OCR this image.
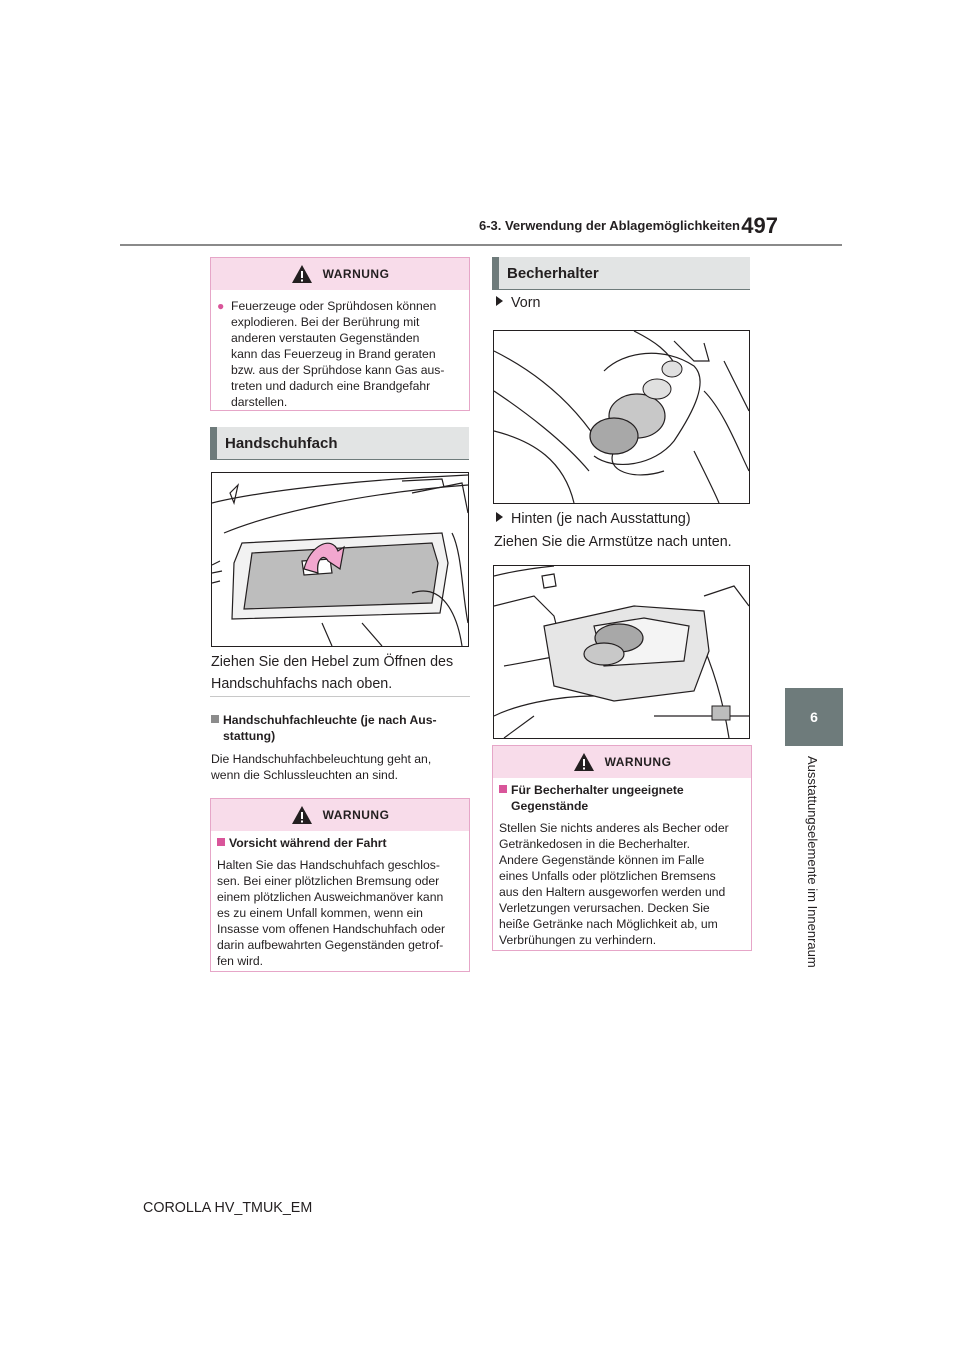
6-3. Verwendung der Ablagemöglichkeiten 497
6
Ausstattungselemente im Innenraum
WARNUNG
● Feuerzeuge oder Sprühdosen können
explodieren. Bei der Berührung mit
anderen verstauten Gegenständen
kann das Feuerzeug in Brand geraten
bzw. aus der Sprühdose kann Gas aus-
treten und dadurch eine Brandgefahr
darstellen.
Handschuhfach
Ziehen Sie den Hebel zum Öffnen des
Handschuhfachs nach oben.
Handschuhfachleuchte (je nach Aus-
stattung)
Die Handschuhfachbeleuchtung geht an,
wenn die Schlussleuchten an sind.
WARNUNG
Vorsicht während der Fahrt
Halten Sie das Handschuhfach geschlos-
sen. Bei einer plötzlichen Bremsung oder
einem plötzlichen Ausweichmanöver kann
es zu einem Unfall kommen, wenn ein
Insasse vom offenen Handschuhfach oder
darin aufbewahrten Gegenständen getrof-
fen wird.
Becherhalter
Vorn
Hinten (je nach Ausstattung)
Ziehen Sie die Armstütze nach unten.
WARNUNG
Für Becherhalter ungeeignete
Gegenstände
Stellen Sie nichts anderes als Becher oder
Getränkedosen in die Becherhalter.
Andere Gegenstände können im Falle
eines Unfalls oder plötzlichen Bremsens
aus den Haltern ausgeworfen werden und
Verletzungen verursachen. Decken Sie
heiße Getränke nach Möglichkeit ab, um
Verbrühungen zu verhindern.
COROLLA HV_TMUK_EM
